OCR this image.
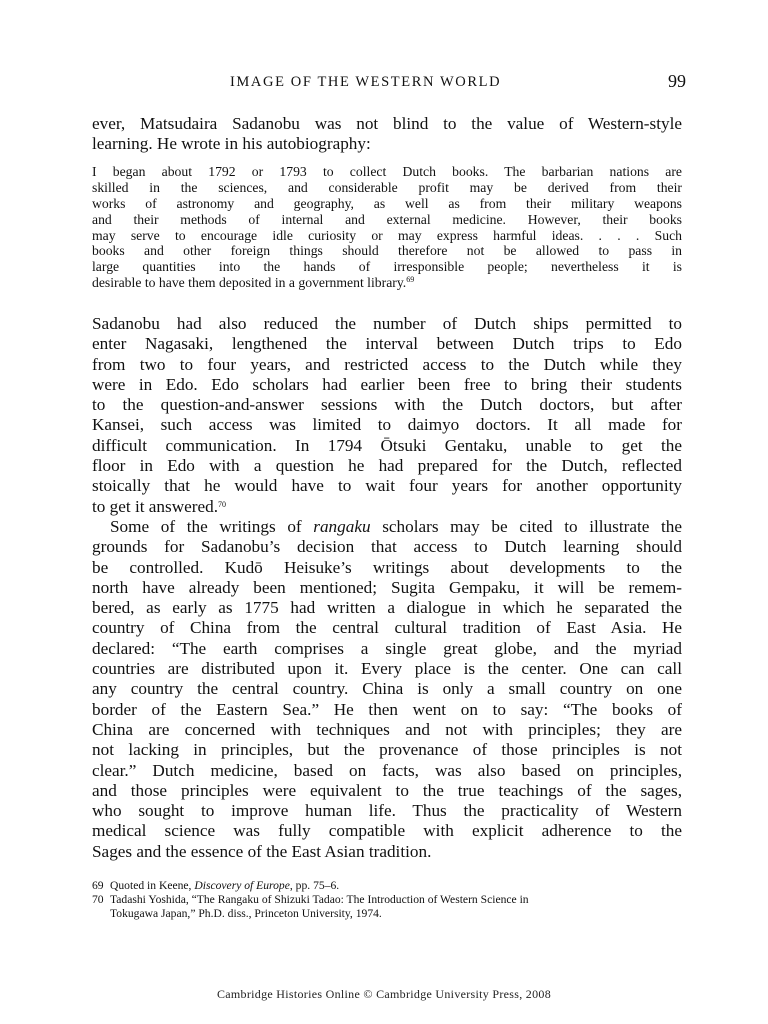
IMAGE OF THE WESTERN WORLD	99
ever, Matsudaira Sadanobu was not blind to the value of Western-style
learning. He wrote in his autobiography:
I began about 1792 or 1793 to collect Dutch books. The barbarian nations are
skilled in the sciences, and considerable profit may be derived from their
works of astronomy and geography, as well as from their military weapons
and their methods of internal and external medicine. However, their books
may serve to encourage idle curiosity or may express harmful ideas. . . . Such
books and other foreign things should therefore not be allowed to pass in
large quantities into the hands of irresponsible people; nevertheless it is
desirable to have them deposited in a government library.$^{69}$
Sadanobu had also reduced the number of Dutch ships permitted to
enter Nagasaki, lengthened the interval between Dutch trips to Edo
from two to four years, and restricted access to the Dutch while they
were in Edo. Edo scholars had earlier been free to bring their students
to the question-and-answer sessions with the Dutch doctors, but after
Kansei, such access was limited to daimyo doctors. It all made for
difficult communication. In 1794 Ōtsuki Gentaku, unable to get the
floor in Edo with a question he had prepared for the Dutch, reflected
stoically that he would have to wait four years for another opportunity
to get it answered.$^{70}$
Some of the writings of rangaku scholars may be cited to illustrate the
grounds for Sadanobu’s decision that access to Dutch learning should
be controlled. Kudō Heisuke’s writings about developments to the
north have already been mentioned; Sugita Gempaku, it will be remem-
bered, as early as 1775 had written a dialogue in which he separated the
country of China from the central cultural tradition of East Asia. He
declared: “The earth comprises a single great globe, and the myriad
countries are distributed upon it. Every place is the center. One can call
any country the central country. China is only a small country on one
border of the Eastern Sea.” He then went on to say: “The books of
China are concerned with techniques and not with principles; they are
not lacking in principles, but the provenance of those principles is not
clear.” Dutch medicine, based on facts, was also based on principles,
and those principles were equivalent to the true teachings of the sages,
who sought to improve human life. Thus the practicality of Western
medical science was fully compatible with explicit adherence to the
Sages and the essence of the East Asian tradition.
69 Quoted in Keene, Discovery of Europe, pp. 75–6.
70 Tadashi Yoshida, “The Rangaku of Shizuki Tadao: The Introduction of Western Science in
Tokugawa Japan,” Ph.D. diss., Princeton University, 1974.
Cambridge Histories Online © Cambridge University Press, 2008
